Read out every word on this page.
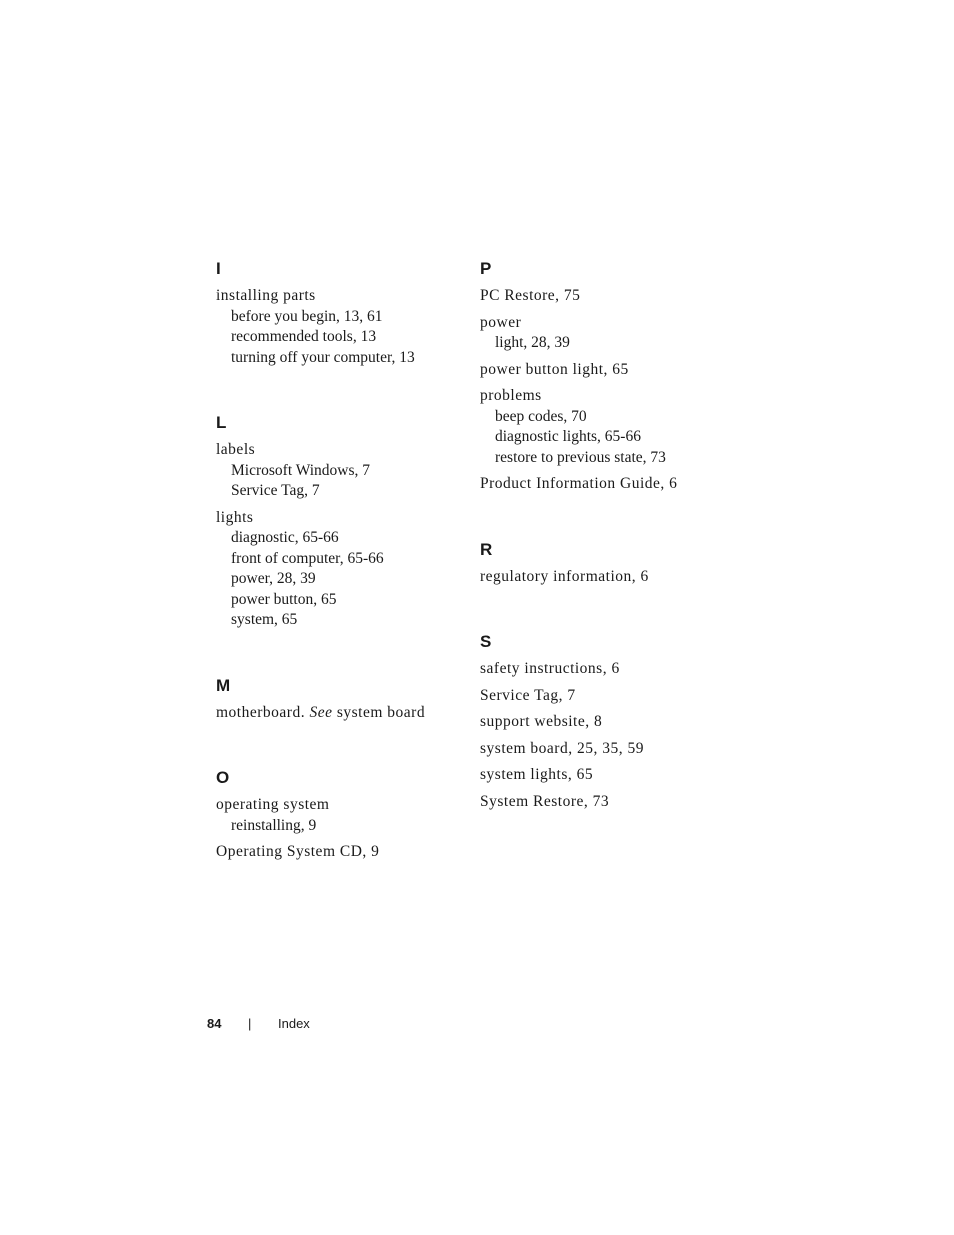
I
installing parts
before you begin, 13, 61
recommended tools, 13
turning off your computer, 13
L
labels
Microsoft Windows, 7
Service Tag, 7
lights
diagnostic, 65-66
front of computer, 65-66
power, 28, 39
power button, 65
system, 65
M
motherboard. See system board
O
operating system
reinstalling, 9
Operating System CD, 9
P
PC Restore, 75
power
light, 28, 39
power button light, 65
problems
beep codes, 70
diagnostic lights, 65-66
restore to previous state, 73
Product Information Guide, 6
R
regulatory information, 6
S
safety instructions, 6
Service Tag, 7
support website, 8
system board, 25, 35, 59
system lights, 65
System Restore, 73
84 | Index
